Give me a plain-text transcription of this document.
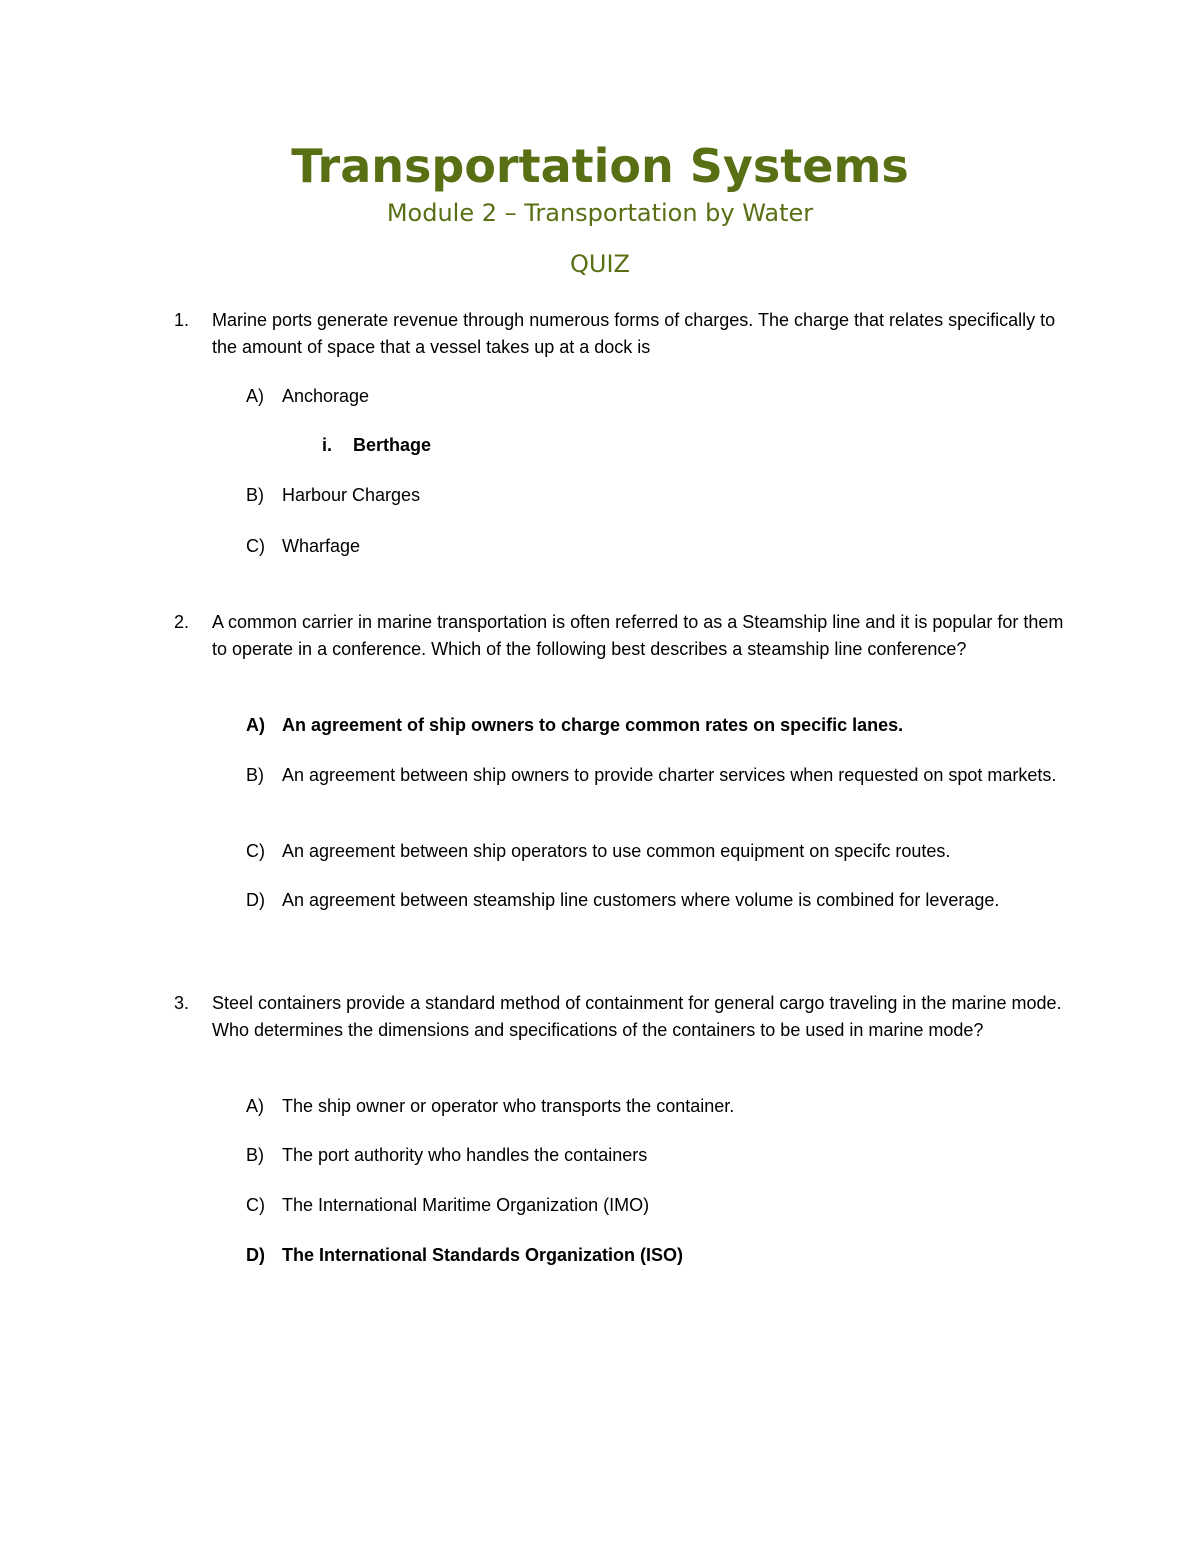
Transportation Systems
Module 2 – Transportation by Water
QUIZ
1. Marine ports generate revenue through numerous forms of charges. The charge that relates specifically to the amount of space that a vessel takes up at a dock is
A) Anchorage
i. Berthage
B) Harbour Charges
C) Wharfage
2. A common carrier in marine transportation is often referred to as a Steamship line and it is popular for them to operate in a conference. Which of the following best describes a steamship line conference?
A) An agreement of ship owners to charge common rates on specific lanes.
B) An agreement between ship owners to provide charter services when requested on spot markets.
C) An agreement between ship operators to use common equipment on specifc routes.
D) An agreement between steamship line customers where volume is combined for leverage.
3. Steel containers provide a standard method of containment for general cargo traveling in the marine mode. Who determines the dimensions and specifications of the containers to be used in marine mode?
A) The ship owner or operator who transports the container.
B) The port authority who handles the containers
C) The International Maritime Organization (IMO)
D) The International Standards Organization (ISO)
